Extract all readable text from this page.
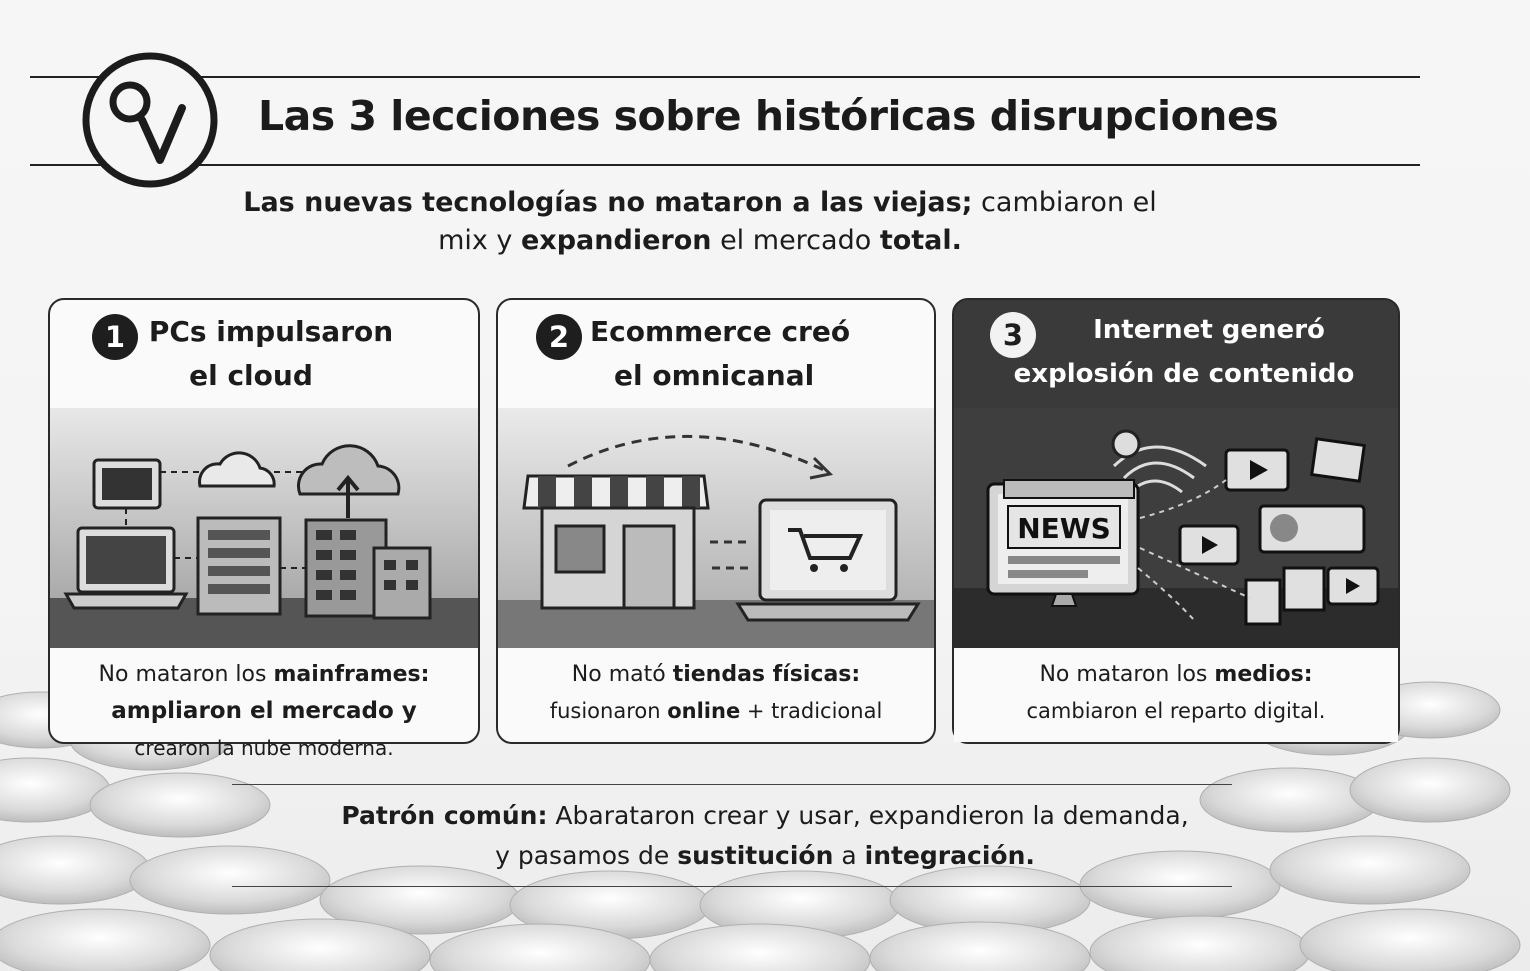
Las 3 lecciones sobre históricas disrupciones
Las nuevas tecnologías no mataron a las viejas; cambiaron el
mix y expandieron el mercado total.
1 PCs impulsaron
el cloud
No mataron los mainframes:
ampliaron el mercado y
crearon la nube moderna.
2 Ecommerce creó
el omnicanal
No mató tiendas físicas:
fusionaron online + tradicional
3	Internet generó
explosión de contenido
NEWS
No mataron los medios:
cambiaron el reparto digital.
Patrón común: Abarataron crear y usar, expandieron la demanda,
y pasamos de sustitución a integración.
